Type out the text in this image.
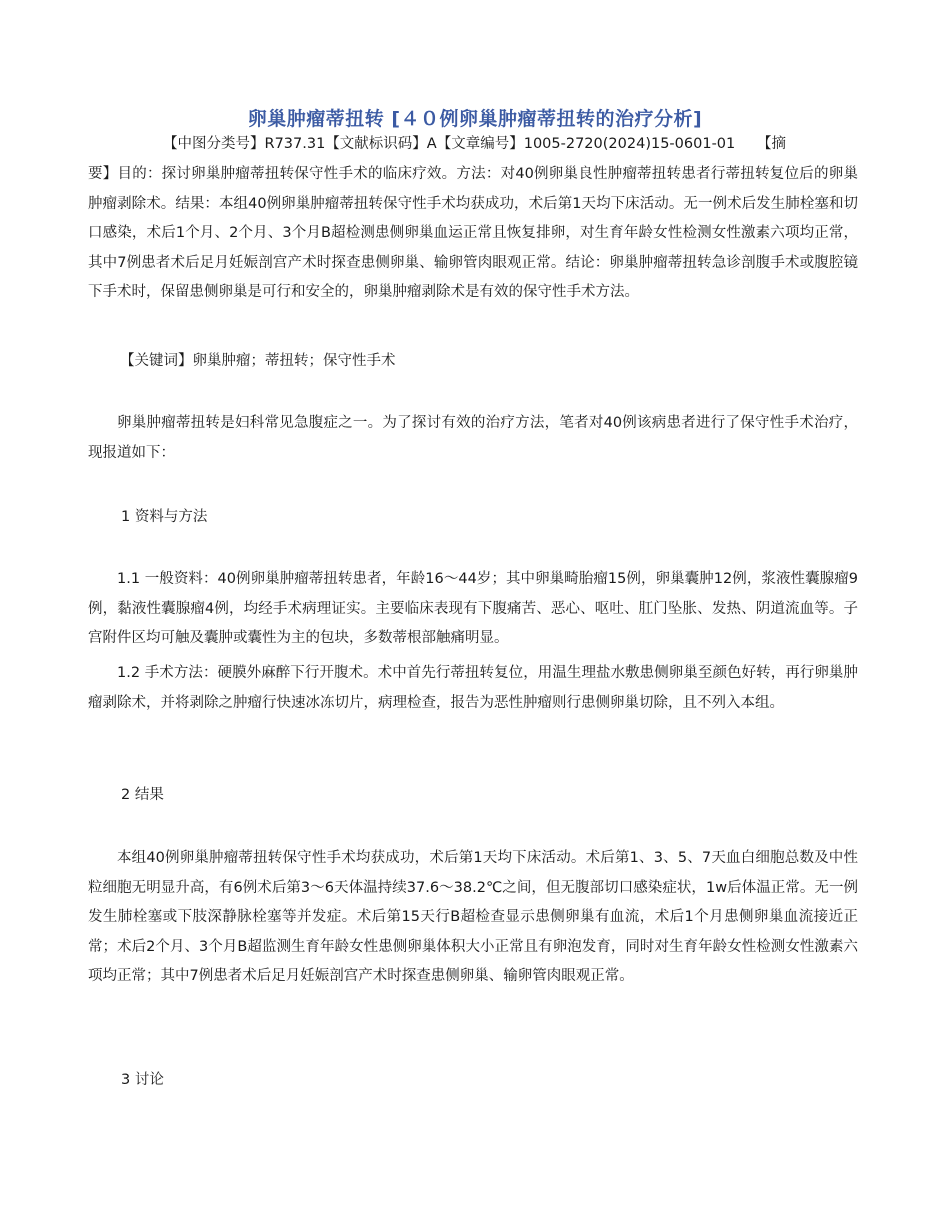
卵巢肿瘤蒂扭转 [４０例卵巢肿瘤蒂扭转的治疗分析]
【中图分类号】R737.31【文献标识码】A【文章编号】1005-2720(2024)15-0601-01　　【摘
要】目的：探讨卵巢肿瘤蒂扭转保守性手术的临床疗效。方法：对40例卵巢良性肿瘤蒂扭转患者行蒂扭转复位后的卵巢肿瘤剥除术。结果：本组40例卵巢肿瘤蒂扭转保守性手术均获成功，术后第1天均下床活动。无一例术后发生肺栓塞和切口感染，术后1个月、2个月、3个月B超检测患侧卵巢血运正常且恢复排卵，对生育年龄女性检测女性激素六项均正常，其中7例患者术后足月妊娠剖宫产术时探查患侧卵巢、输卵管肉眼观正常。结论：卵巢肿瘤蒂扭转急诊剖腹手术或腹腔镜下手术时，保留患侧卵巢是可行和安全的，卵巢肿瘤剥除术是有效的保守性手术方法。
【关键词】卵巢肿瘤；蒂扭转；保守性手术
卵巢肿瘤蒂扭转是妇科常见急腹症之一。为了探讨有效的治疗方法，笔者对40例该病患者进行了保守性手术治疗，现报道如下：
1 资料与方法
1.1 一般资料：40例卵巢肿瘤蒂扭转患者，年龄16～44岁；其中卵巢畸胎瘤15例，卵巢囊肿12例，浆液性囊腺瘤9例，黏液性囊腺瘤4例，均经手术病理证实。主要临床表现有下腹痛苦、恶心、呕吐、肛门坠胀、发热、阴道流血等。子宫附件区均可触及囊肿或囊性为主的包块，多数蒂根部触痛明显。
1.2 手术方法：硬膜外麻醉下行开腹术。术中首先行蒂扭转复位，用温生理盐水敷患侧卵巢至颜色好转，再行卵巢肿瘤剥除术，并将剥除之肿瘤行快速冰冻切片，病理检查，报告为恶性肿瘤则行患侧卵巢切除，且不列入本组。
2 结果
本组40例卵巢肿瘤蒂扭转保守性手术均获成功，术后第1天均下床活动。术后第1、3、5、7天血白细胞总数及中性粒细胞无明显升高，有6例术后第3～6天体温持续37.6～38.2℃之间，但无腹部切口感染症状，1w后体温正常。无一例发生肺栓塞或下肢深静脉栓塞等并发症。术后第15天行B超检查显示患侧卵巢有血流，术后1个月患侧卵巢血流接近正常；术后2个月、3个月B超监测生育年龄女性患侧卵巢体积大小正常且有卵泡发育，同时对生育年龄女性检测女性激素六项均正常；其中7例患者术后足月妊娠剖宫产术时探查患侧卵巢、输卵管肉眼观正常。
3 讨论
